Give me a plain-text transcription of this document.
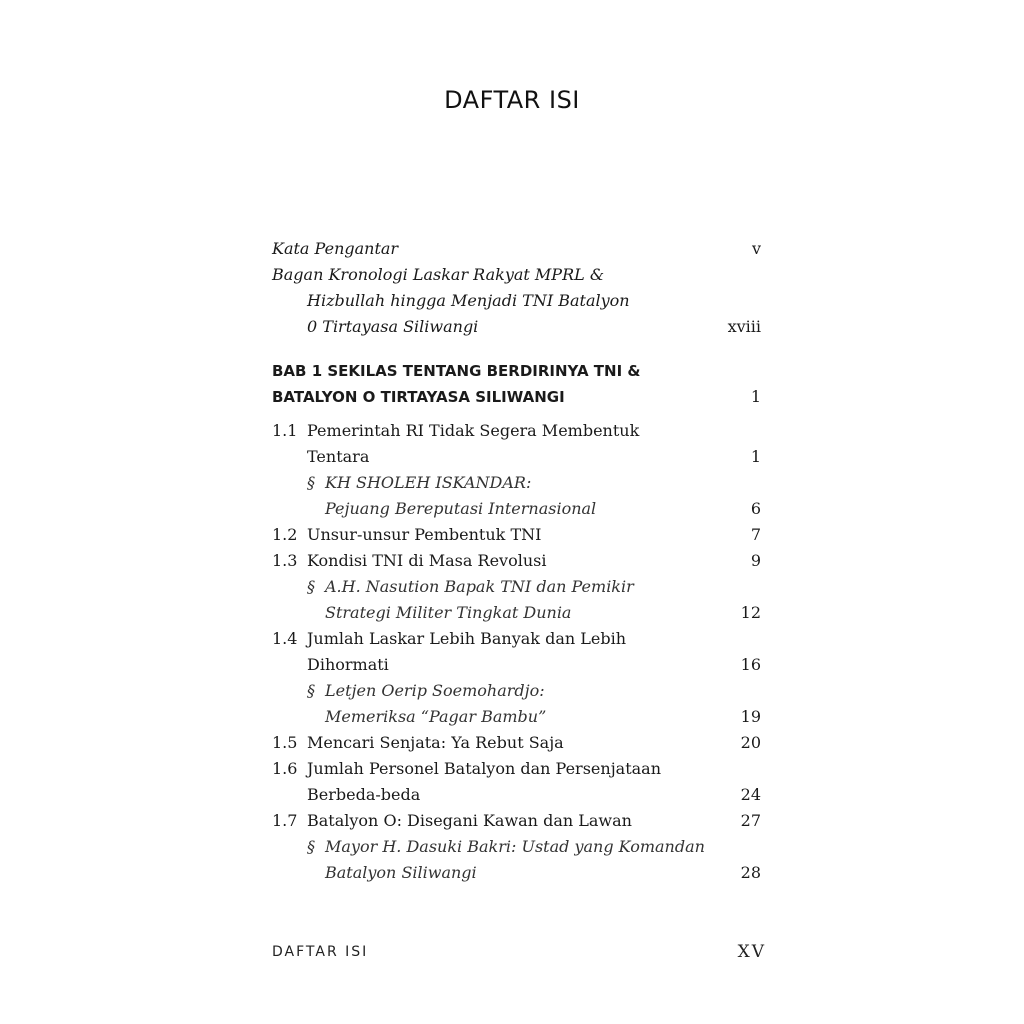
DAFTAR ISI
Kata Pengantar	v
Bagan Kronologi Laskar Rakyat MPRL &
Hizbullah hingga Menjadi TNI Batalyon
0 Tirtayasa Siliwangi	xviii
BAB 1 SEKILAS TENTANG BERDIRINYA TNI &
BATALYON O TIRTAYASA SILIWANGI	1
1.1 Pemerintah RI Tidak Segera Membentuk
Tentara	1
§ KH SHOLEH ISKANDAR:
Pejuang Bereputasi Internasional	6
1.2 Unsur-unsur Pembentuk TNI	7
1.3 Kondisi TNI di Masa Revolusi	9
§ A.H. Nasution Bapak TNI dan Pemikir
Strategi Militer Tingkat Dunia	12
1.4 Jumlah Laskar Lebih Banyak dan Lebih
Dihormati	16
§ Letjen Oerip Soemohardjo:
Memeriksa “Pagar Bambu”	19
1.5 Mencari Senjata: Ya Rebut Saja	20
1.6 Jumlah Personel Batalyon dan Persenjataan
Berbeda-beda	24
1.7 Batalyon O: Disegani Kawan dan Lawan	27
§ Mayor H. Dasuki Bakri: Ustad yang Komandan
Batalyon Siliwangi	28
DAFTAR ISI	XV
